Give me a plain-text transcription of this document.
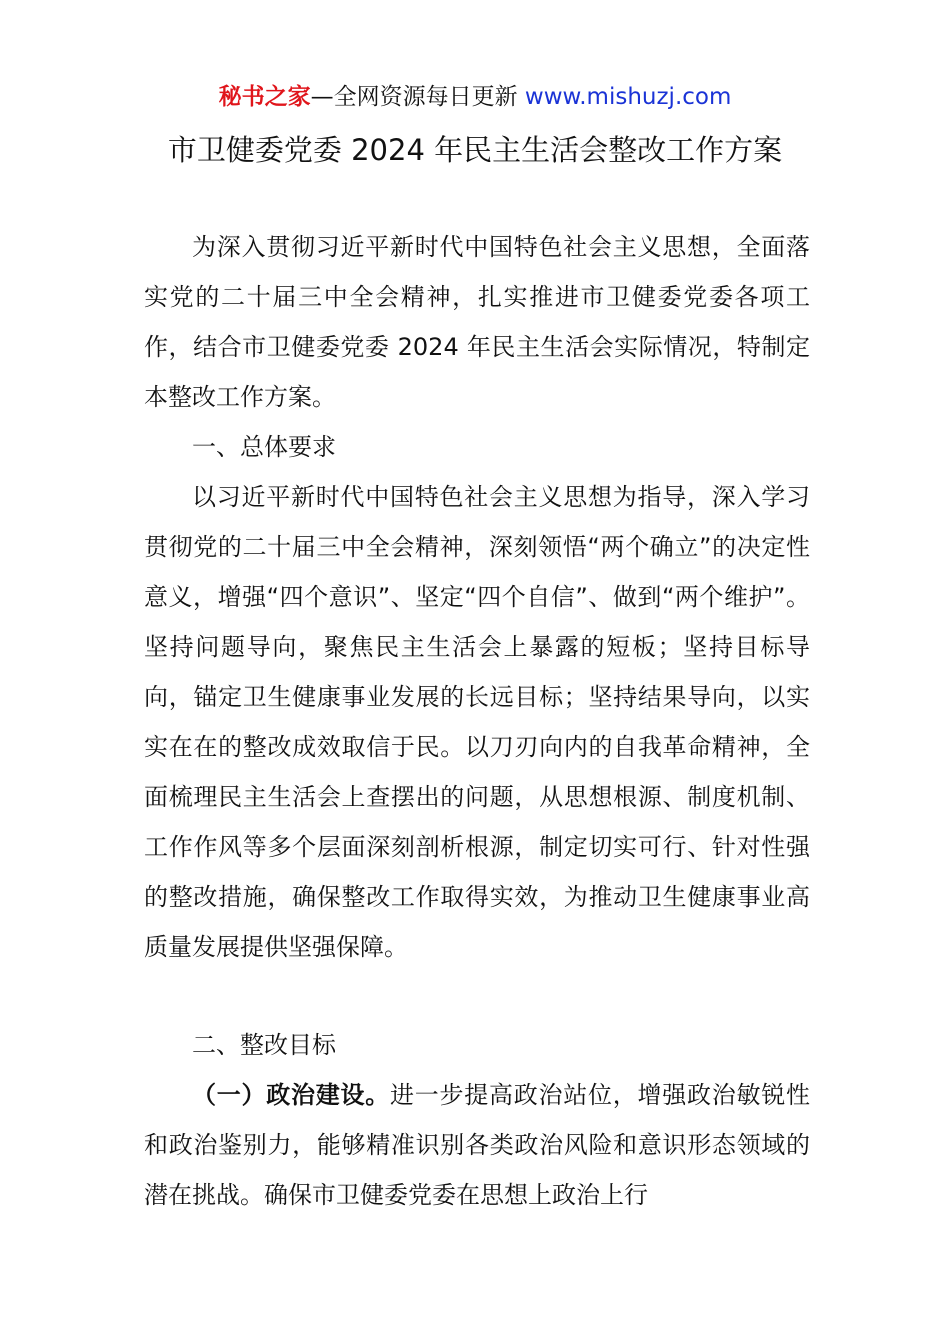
秘书之家—全网资源每日更新 www.mishuzj.com
市卫健委党委 2024 年民主生活会整改工作方案

为深入贯彻习近平新时代中国特色社会主义思想，全面落实党的二十届三中全会精神，扎实推进市卫健委党委各项工作，结合市卫健委党委 2024 年民主生活会实际情况，特制定本整改工作方案。

一、总体要求

以习近平新时代中国特色社会主义思想为指导，深入学习贯彻党的二十届三中全会精神，深刻领悟“两个确立”的决定性意义，增强“四个意识”、坚定“四个自信”、做到“两个维护”。坚持问题导向，聚焦民主生活会上暴露的短板；坚持目标导向，锚定卫生健康事业发展的长远目标；坚持结果导向，以实实在在的整改成效取信于民。以刀刃向内的自我革命精神，全面梳理民主生活会上查摆出的问题，从思想根源、制度机制、工作作风等多个层面深刻剖析根源，制定切实可行、针对性强的整改措施，确保整改工作取得实效，为推动卫生健康事业高质量发展提供坚强保障。

二、整改目标

（一）政治建设。进一步提高政治站位，增强政治敏锐性和政治鉴别力，能够精准识别各类政治风险和意识形态领域的潜在挑战。确保市卫健委党委在思想上政治上行
